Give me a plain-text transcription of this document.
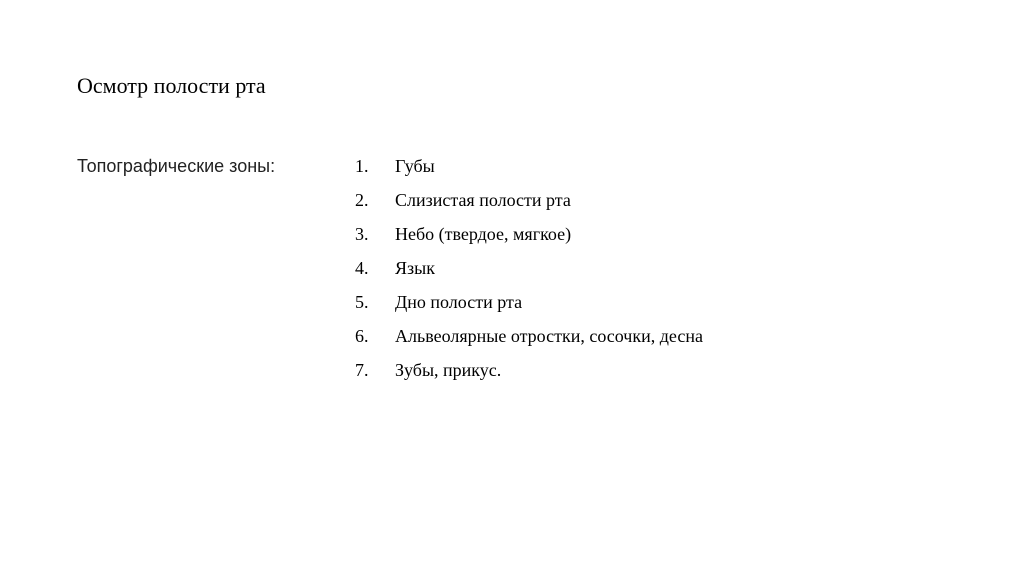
Осмотр полости рта
Топографические зоны:	1.	Губы
2.	Слизистая полости рта
3.	Небо (твердое, мягкое)
4.	Язык
5.	Дно полости рта
6.	Альвеолярные отростки, сосочки, десна
7.	Зубы, прикус.
